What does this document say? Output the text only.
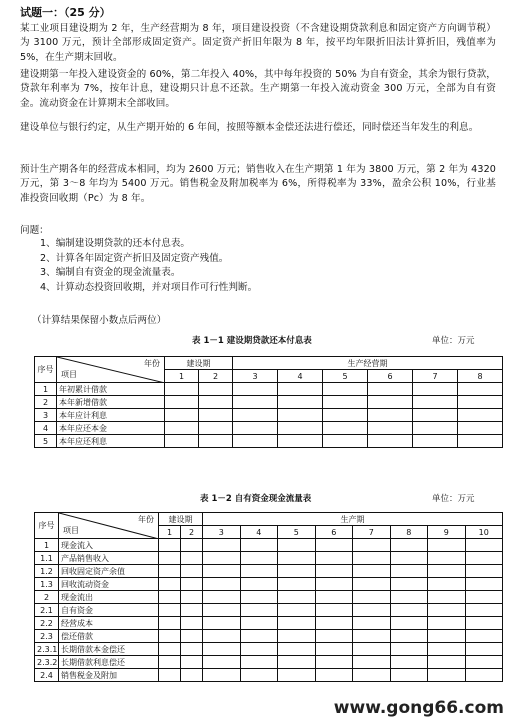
试题一：（25 分）
某工业项目建设期为 2 年，生产经营期为 8 年，项目建设投资（不含建设期贷款利息和固定资产方向调节税）为 3100 万元，预计全部形成固定资产。固定资产折旧年限为 8 年，按平均年限折旧法计算折旧，残值率为 5%，在生产期末回收。
建设期第一年投入建设资金的 60%，第二年投入 40%，其中每年投资的 50% 为自有资金，其余为银行贷款，贷款年利率为 7%，按年计息，建设期只计息不还款。生产期第一年投入流动资金 300 万元，全部为自有资金。流动资金在计算期末全部收回。
建设单位与银行约定，从生产期开始的 6 年间，按照等额本金偿还法进行偿还，同时偿还当年发生的利息。
预计生产期各年的经营成本相同，均为 2600 万元；销售收入在生产期第 1 年为 3800 万元，第 2 年为 4320 万元，第 3～8 年均为 5400 万元。销售税金及附加税率为 6%，所得税率为 33%，盈余公积 10%，行业基准投资回收期（Pc）为 8 年。
问题：
1、编制建设期贷款的还本付息表。
2、计算各年固定资产折旧及固定资产残值。
3、编制自有资金的现金流量表。
4、计算动态投资回收期，并对项目作可行性判断。
（计算结果保留小数点后两位）
表 1－1 建设期贷款还本付息表	单位：万元
序号	年份
项目	建设期		生产经营期					
		1	2	3	4	5	6	7	8
1	年初累计借款								
2	本年新增借款								
3	本年应计利息								
4	本年应还本金								
5	本年应还利息								
表 1－2 自有资金现金流量表	单位：万元
序号	年份
项目	建设期		生产期							
		1	2	3	4	5	6	7	8	9	10
1	现金流入										
1.1	产品销售收入										
1.2	回收固定资产余值										
1.3	回收流动资金										
2	现金流出										
2.1	自有资金										
2.2	经营成本										
2.3	偿还借款										
2.3.1	长期借款本金偿还										
2.3.2	长期借款利息偿还										
2.4	销售税金及附加										
www.gong66.com
